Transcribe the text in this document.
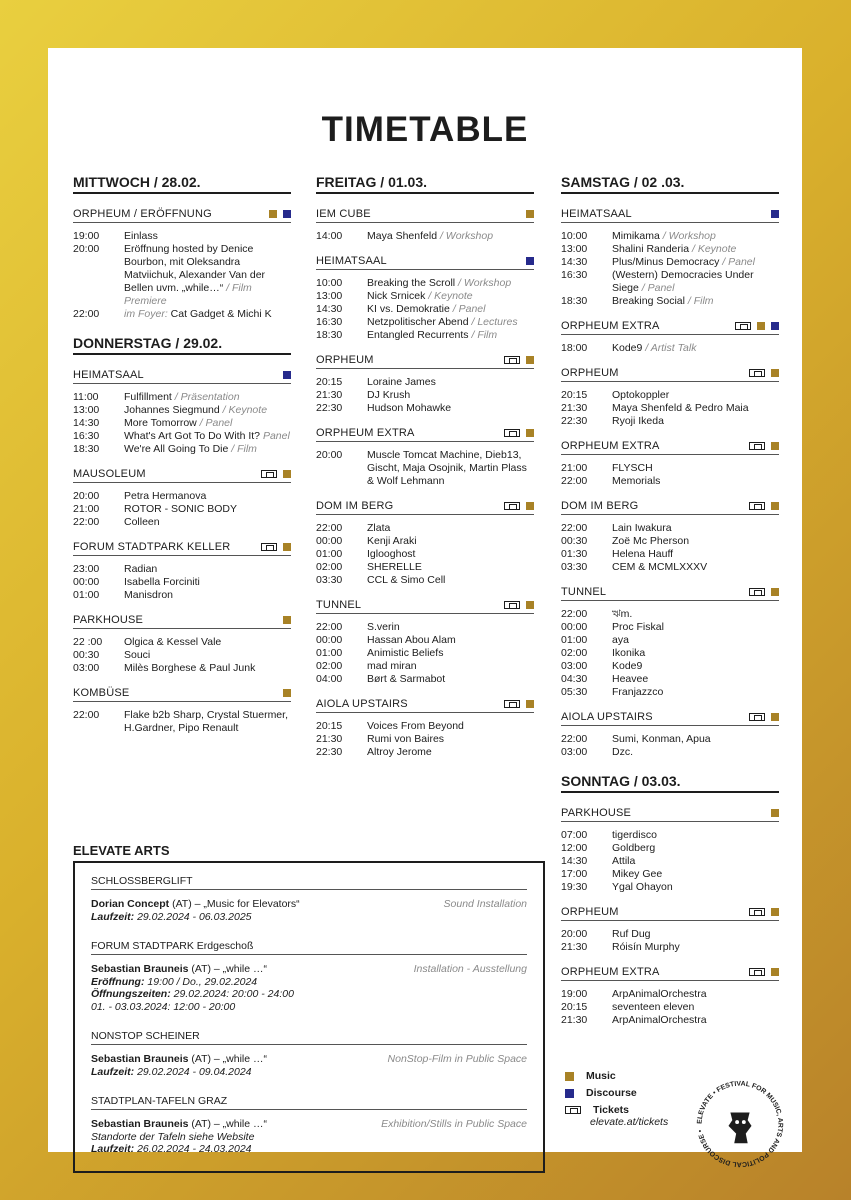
TIMETABLE
MITTWOCH / 28.02.
ORPHEUM / ERÖFFNUNG
19:00	Einlass
20:00	Eröffnung hosted by Denice Bourbon, mit Oleksandra Matviichuk, Alexander Van der Bellen uvm. „while…“ / Film Premiere
22:00	im Foyer: Cat Gadget & Michi K
DONNERSTAG / 29.02.
HEIMATSAAL
11:00	Fulfillment / Präsentation
13:00	Johannes Siegmund / Keynote
14:30	More Tomorrow / Panel
16:30	What's Art Got To Do With It? Panel
18:30	We're All Going To Die / Film
MAUSOLEUM
20:00	Petra Hermanova
21:00	ROTOR - SONIC BODY
22:00	Colleen
FORUM STADTPARK KELLER
23:00	Radian
00:00	Isabella Forciniti
01:00	Manisdron
PARKHOUSE
22 :00	Olgica & Kessel Vale
00:30	Souci
03:00	Milès Borghese & Paul Junk
KOMBÜSE
22:00	Flake b2b Sharp, Crystal Stuermer, H.Gardner, Pipo Renault
FREITAG / 01.03.
IEM CUBE
14:00	Maya Shenfeld / Workshop
HEIMATSAAL
10:00	Breaking the Scroll / Workshop
13:00	Nick Srnicek / Keynote
14:30	KI vs. Demokratie / Panel
16:30	Netzpolitischer Abend / Lectures
18:30	Entangled Recurrents / Film
ORPHEUM
20:15	Loraine James
21:30	DJ Krush
22:30	Hudson Mohawke
ORPHEUM EXTRA
20:00	Muscle Tomcat Machine, Dieb13, Gischt, Maja Osojnik, Martin Plass & Wolf Lehmann
DOM IM BERG
22:00	Zlata
00:00	Kenji Araki
01:00	Iglooghost
02:00	SHERELLE
03:30	CCL & Simo Cell
TUNNEL
22:00	S.verin
00:00	Hassan Abou Alam
01:00	Animistic Beliefs
02:00	mad miran
04:00	Børt & Sarmabot
AIOLA UPSTAIRS
20:15	Voices From Beyond
21:30	Rumi von Baires
22:30	Altroy Jerome
SAMSTAG / 02 .03.
HEIMATSAAL
10:00	Mimikama / Workshop
13:00	Shalini Randeria / Keynote
14:30	Plus/Minus Democracy / Panel
16:30	(Western) Democracies Under Siege / Panel
18:30	Breaking Social / Film
ORPHEUM EXTRA
18:00	Kode9 / Artist Talk
ORPHEUM
20:15	Optokoppler
21:30	Maya Shenfeld & Pedro Maia
22:30	Ryoji Ikeda
ORPHEUM EXTRA
21:00	FLYSCH
22:00	Memorials
DOM IM BERG
22:00	Lain Iwakura
00:30	Zoë Mc Pherson
01:30	Helena Hauff
03:30	CEM & MCMLXXXV
TUNNEL
22:00	ঋm.
00:00	Proc Fiskal
01:00	aya
02:00	Ikonika
03:00	Kode9
04:30	Heavee
05:30	Franjazzco
AIOLA UPSTAIRS
22:00	Sumi, Konman, Apua
03:00	Dzc.
SONNTAG / 03.03.
PARKHOUSE
07:00	tigerdisco
12:00	Goldberg
14:30	Attila
17:00	Mikey Gee
19:30	Ygal Ohayon
ORPHEUM
20:00	Ruf Dug
21:30	Róisín Murphy
ORPHEUM EXTRA
19:00	ArpAnimalOrchestra
20:15	seventeen eleven
21:30	ArpAnimalOrchestra
ELEVATE ARTS
SCHLOSSBERGLIFT
Dorian Concept (AT) – „Music for Elevators“	Sound Installation
Laufzeit: 29.02.2024 - 06.03.2025
FORUM STADTPARK Erdgeschoß
Sebastian Brauneis (AT) – „while …“	Installation - Ausstellung
Eröffnung: 19:00 / Do., 29.02.2024
Öffnungszeiten: 29.02.2024: 20:00 - 24:00
01. - 03.03.2024: 12:00 - 20:00
NONSTOP SCHEINER
Sebastian Brauneis (AT) – „while …“	NonStop-Film in Public Space
Laufzeit: 29.02.2024 - 09.04.2024
STADTPLAN-TAFELN GRAZ
Sebastian Brauneis (AT) – „while …“	Exhibition/Stills in Public Space
Standorte der Tafeln siehe Website
Laufzeit: 26.02.2024 - 24.03.2024
Music
Discourse
Tickets
elevate.at/tickets	ELEVATE • FESTIVAL FOR MUSIC, ARTS AND POLITICAL DISCOURSE •
